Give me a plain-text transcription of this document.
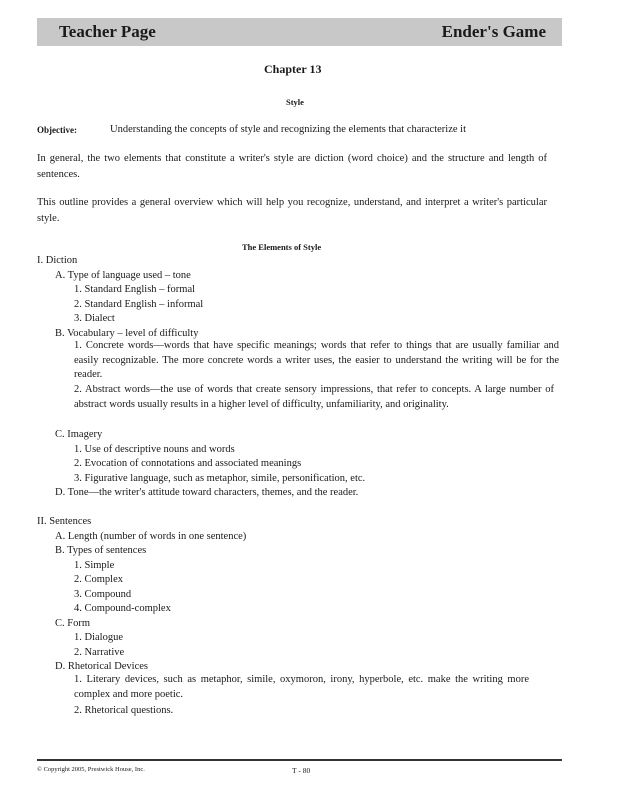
Teacher Page	Ender's Game
Chapter 13
Style
Objective:	Understanding the concepts of style and recognizing the elements that characterize it
In general, the two elements that constitute a writer's style are diction (word choice) and the structure and length of sentences.
This outline provides a general overview which will help you recognize, understand, and interpret a writer's particular style.
The Elements of Style
I. Diction
A. Type of language used – tone
1. Standard English – formal
2. Standard English – informal
3. Dialect
B. Vocabulary – level of difficulty
1. Concrete words—words that have specific meanings; words that refer to things that are usually familiar and easily recognizable. The more concrete words a writer uses, the easier to understand the writing will be for the reader.
2. Abstract words—the use of words that create sensory impressions, that refer to concepts. A large number of abstract words usually results in a higher level of difficulty, unfamiliarity, and originality.
C. Imagery
1. Use of descriptive nouns and words
2. Evocation of connotations and associated meanings
3. Figurative language, such as metaphor, simile, personification, etc.
D. Tone—the writer's attitude toward characters, themes, and the reader.
II. Sentences
A. Length (number of words in one sentence)
B. Types of sentences
1. Simple
2. Complex
3. Compound
4. Compound-complex
C. Form
1. Dialogue
2. Narrative
D. Rhetorical Devices
1. Literary devices, such as metaphor, simile, oxymoron, irony, hyperbole, etc. make the writing more complex and more poetic.
2. Rhetorical questions.
© Copyright 2005, Prestwick House, Inc.	T - 80
